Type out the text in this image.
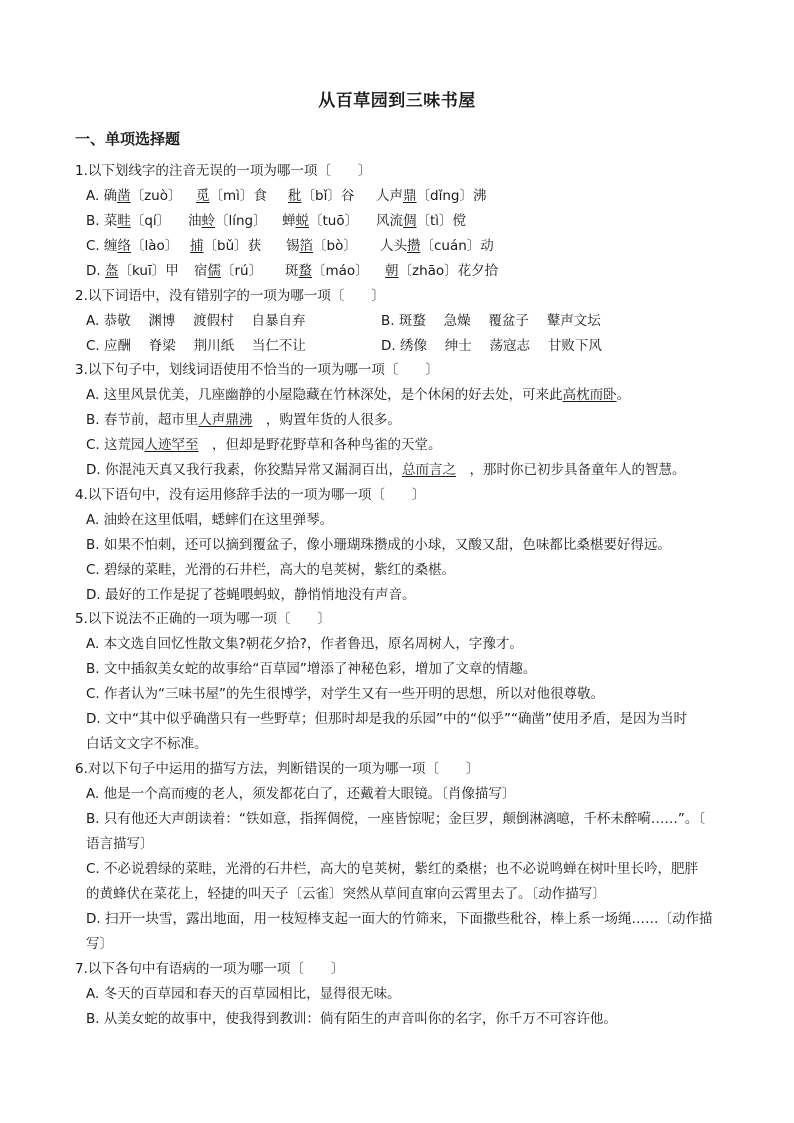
从百草园到三味书屋
一、单项选择题
1.以下划线字的注音无误的一项为哪一项〔　　〕
A. 确凿〔zuò〕 觅〔mì〕食 秕〔bǐ〕谷 人声鼎〔dǐng〕沸
B. 菜畦〔qí〕 油蛉〔líng〕 蝉蜕〔tuō〕 风流倜〔tì〕傥
C. 缠络〔lào〕 捕〔bǔ〕获 锡箔〔bò〕 人头攒〔cuán〕动
D. 盔〔kuī〕甲 宿儒〔rú〕 斑蝥〔máo〕 朝〔zhāo〕花夕拾
2.以下词语中，没有错别字的一项为哪一项〔　　〕
A. 恭敬　 渊博　 渡假村　 自暴自弃	B. 斑蝥　 急燥　 覆盆子　 鼙声文坛
C. 应酬　 脊梁　 荆川纸　 当仁不让	D. 绣像　 绅士　 荡寇志　 甘败下风
3.以下句子中，划线词语使用不恰当的一项为哪一项〔　　〕
A. 这里风景优美，几座幽静的小屋隐藏在竹林深处，是个休闲的好去处，可来此高枕而卧。
B. 春节前，超市里人声鼎沸　，购置年货的人很多。
C. 这荒园人迹罕至　，但却是野花野草和各种鸟雀的天堂。
D. 你混沌天真又我行我素，你狡黠异常又漏洞百出，总而言之　，那时你已初步具备童年人的智慧。
4.以下语句中，没有运用修辞手法的一项为哪一项〔　　〕
A. 油蛉在这里低唱，蟋蟀们在这里弹琴。
B. 如果不怕刺，还可以摘到覆盆子，像小珊瑚珠攒成的小球，又酸又甜，色味都比桑椹要好得远。
C. 碧绿的菜畦，光滑的石井栏，高大的皂荚树，紫红的桑椹。
D. 最好的工作是捉了苍蝇喂蚂蚁，静悄悄地没有声音。
5.以下说法不正确的一项为哪一项〔　　〕
A. 本文选自回忆性散文集?朝花夕拾?，作者鲁迅，原名周树人，字豫才。
B. 文中插叙美女蛇的故事给“百草园”增添了神秘色彩，增加了文章的情趣。
C. 作者认为“三味书屋”的先生很博学，对学生又有一些开明的思想，所以对他很尊敬。
D. 文中“其中似乎确凿只有一些野草；但那时却是我的乐园”中的“似乎”“确凿”使用矛盾，是因为当时
白话文文字不标准。
6.对以下句子中运用的描写方法，判断错误的一项为哪一项〔　　〕
A. 他是一个高而瘦的老人，须发都花白了，还戴着大眼镜。〔肖像描写〕
B. 只有他还大声朗读着：“铁如意，指挥倜傥，一座皆惊呢；金巨罗，颠倒淋漓噫，千杯未醉嗬……”。〔
语言描写〕
C. 不必说碧绿的菜畦，光滑的石井栏，高大的皂荚树，紫红的桑椹；也不必说鸣蝉在树叶里长吟，肥胖
的黄蜂伏在菜花上，轻捷的叫天子〔云雀〕突然从草间直窜向云霄里去了。〔动作描写〕
D. 扫开一块雪，露出地面，用一枝短棒支起一面大的竹筛来，下面撒些秕谷，棒上系一场绳……〔动作描
写〕
7.以下各句中有语病的一项为哪一项〔　　〕
A. 冬天的百草园和春天的百草园相比，显得很无味。
B. 从美女蛇的故事中，使我得到教训：倘有陌生的声音叫你的名字，你千万不可容许他。
